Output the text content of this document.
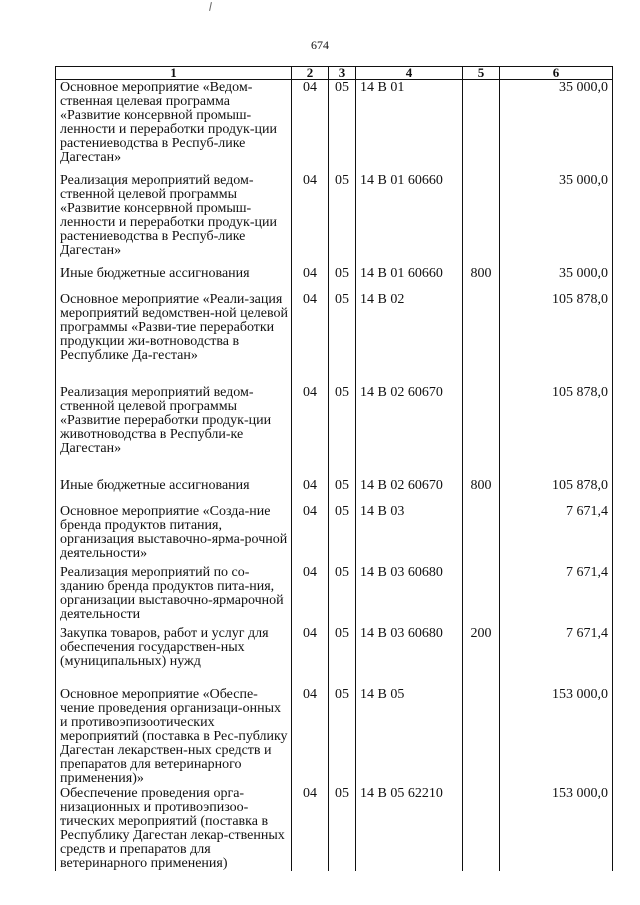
674
1	2	3	4	5	6
Основное мероприятие «Ведом-ственная целевая программа «Развитие консервной промыш-ленности и переработки продук-ции растениеводства в Респуб-лике Дагестан»	04	05	14 В 01		35 000,0
Реализация мероприятий ведом-ственной целевой программы «Развитие консервной промыш-ленности и переработки продук-ции растениеводства в Респуб-лике Дагестан»	04	05	14 В 01 60660		35 000,0
Иные бюджетные ассигнования	04	05	14 В 01 60660	800	35 000,0
Основное мероприятие «Реали-зация мероприятий ведомствен-ной целевой программы «Разви-тие переработки продукции жи-вотноводства в Республике Да-гестан»	04	05	14 В 02		105 878,0
Реализация мероприятий ведом-ственной целевой программы «Развитие переработки продук-ции животноводства в Республи-ке Дагестан»	04	05	14 В 02 60670		105 878,0
Иные бюджетные ассигнования	04	05	14 В 02 60670	800	105 878,0
Основное мероприятие «Созда-ние бренда продуктов питания, организация выставочно-ярма-рочной деятельности»	04	05	14 В 03		7 671,4
Реализация мероприятий по со-зданию бренда продуктов пита-ния, организации выставочно-ярмарочной деятельности	04	05	14 В 03 60680		7 671,4
Закупка товаров, работ и услуг для обеспечения государствен-ных (муниципальных) нужд	04	05	14 В 03 60680	200	7 671,4
Основное мероприятие «Обеспе-чение проведения организаци-онных и противоэпизоотических мероприятий (поставка в Рес-публику Дагестан лекарствен-ных средств и препаратов для ветеринарного применения)»	04	05	14 В 05		153 000,0
Обеспечение проведения орга-низационных и противоэпизоо-тических мероприятий (поставка в Республику Дагестан лекар-ственных средств и препаратов для ветеринарного применения)	04	05	14 В 05 62210		153 000,0
